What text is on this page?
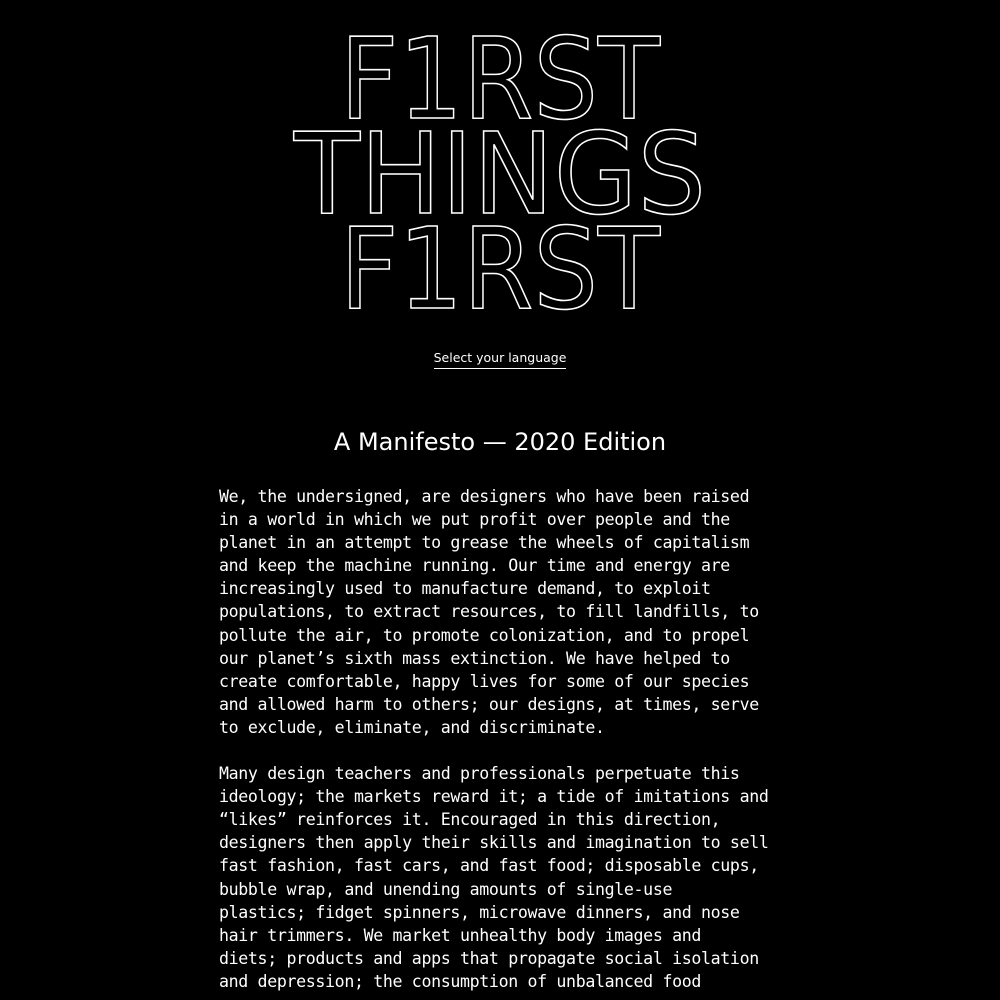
F1RST
THINGS
F1RST
Select your language
A Manifesto — 2020 Edition

We, the undersigned, are designers who have been raised
in a world in which we put profit over people and the
planet in an attempt to grease the wheels of capitalism
and keep the machine running. Our time and energy are
increasingly used to manufacture demand, to exploit
populations, to extract resources, to fill landfills, to
pollute the air, to promote colonization, and to propel
our planet’s sixth mass extinction. We have helped to
create comfortable, happy lives for some of our species
and allowed harm to others; our designs, at times, serve
to exclude, eliminate, and discriminate.

Many design teachers and professionals perpetuate this
ideology; the markets reward it; a tide of imitations and
“likes” reinforces it. Encouraged in this direction,
designers then apply their skills and imagination to sell
fast fashion, fast cars, and fast food; disposable cups,
bubble wrap, and unending amounts of single-use
plastics; fidget spinners, microwave dinners, and nose
hair trimmers. We market unhealthy body images and
diets; products and apps that propagate social isolation
and depression; the consumption of unbalanced food
